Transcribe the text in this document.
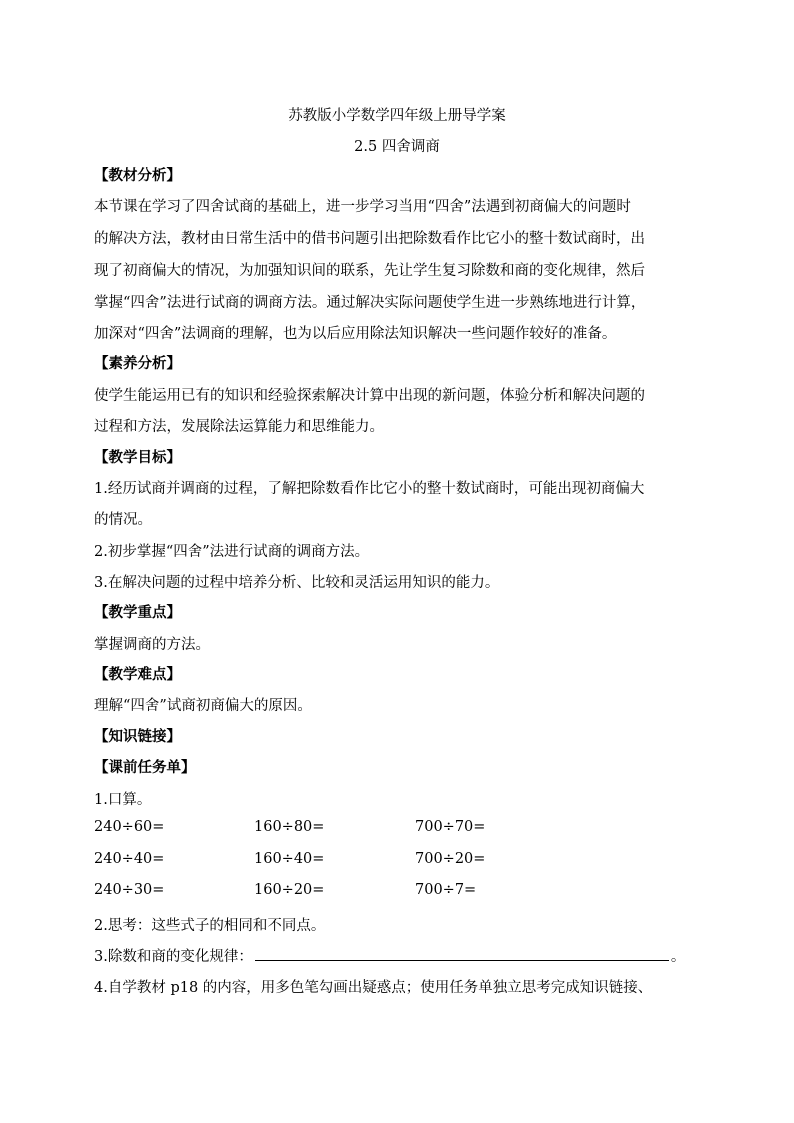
苏教版小学数学四年级上册导学案
2.5 四舍调商
【教材分析】
本节课在学习了四舍试商的基础上，进一步学习当用“四舍”法遇到初商偏大的问题时
的解决方法，教材由日常生活中的借书问题引出把除数看作比它小的整十数试商时，出
现了初商偏大的情况，为加强知识间的联系，先让学生复习除数和商的变化规律，然后
掌握“四舍”法进行试商的调商方法。通过解决实际问题使学生进一步熟练地进行计算，
加深对“四舍”法调商的理解，也为以后应用除法知识解决一些问题作较好的准备。
【素养分析】
使学生能运用已有的知识和经验探索解决计算中出现的新问题，体验分析和解决问题的
过程和方法，发展除法运算能力和思维能力。
【教学目标】
1.经历试商并调商的过程，了解把除数看作比它小的整十数试商时，可能出现初商偏大
的情况。
2.初步掌握“四舍”法进行试商的调商方法。
3.在解决问题的过程中培养分析、比较和灵活运用知识的能力。
【教学重点】
掌握调商的方法。
【教学难点】
理解“四舍”试商初商偏大的原因。
【知识链接】
【课前任务单】
1.口算。
240÷60=	160÷80=	700÷70=
240÷40=	160÷40=	700÷20=
240÷30=	160÷20=	700÷7=
2.思考：这些式子的相同和不同点。
3.除数和商的变化规律：	。
4.自学教材 p18 的内容，用多色笔勾画出疑惑点；使用任务单独立思考完成知识链接、
